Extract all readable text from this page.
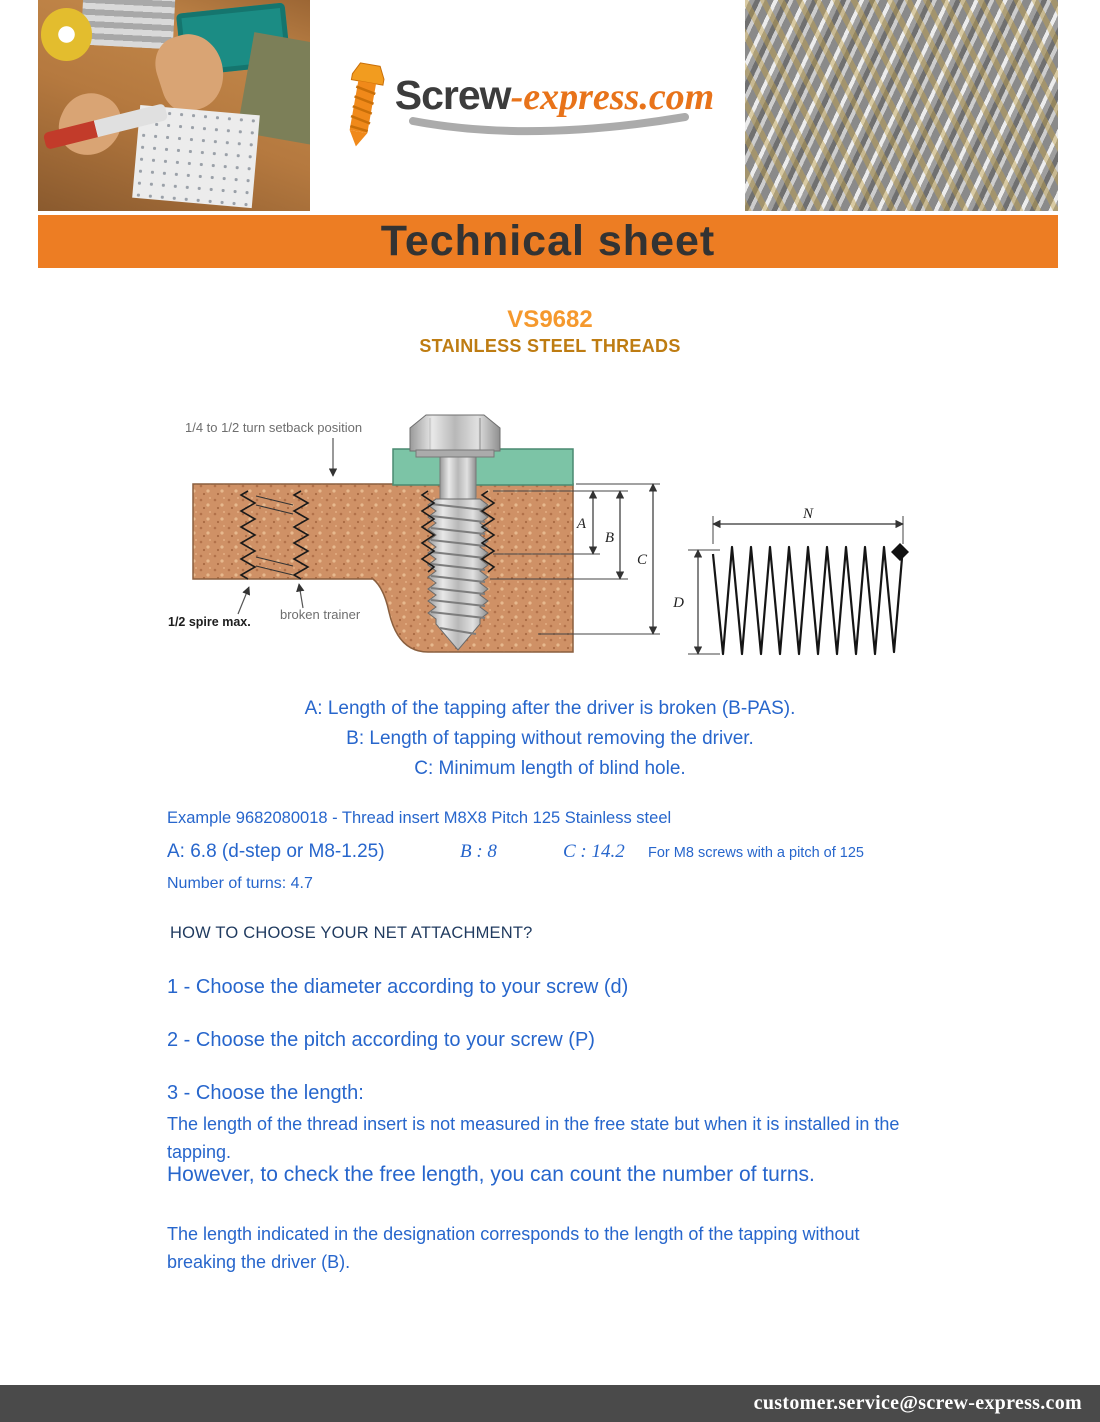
Screw-express.com
Technical sheet
VS9682
STAINLESS STEEL THREADS
1/4 to 1/2 turn setback position
A
B
C
1/2 spire max. broken trainer
N
D
A: Length of the tapping after the driver is broken (B-PAS).
B: Length of tapping without removing the driver.
C: Minimum length of blind hole.
Example 9682080018 - Thread insert M8X8 Pitch 125 Stainless steel
A: 6.8 (d-step or M8-1.25)	B : 8	C : 14.2	For M8 screws with a pitch of 125
Number of turns: 4.7
HOW TO CHOOSE YOUR NET ATTACHMENT?
1 - Choose the diameter according to your screw (d)
2 - Choose the pitch according to your screw (P)
3 - Choose the length:
The length of the thread insert is not measured in the free state but when it is installed in the tapping.
However, to check the free length, you can count the number of turns.
The length indicated in the designation corresponds to the length of the tapping without breaking the driver (B).
customer.service@screw-express.com
